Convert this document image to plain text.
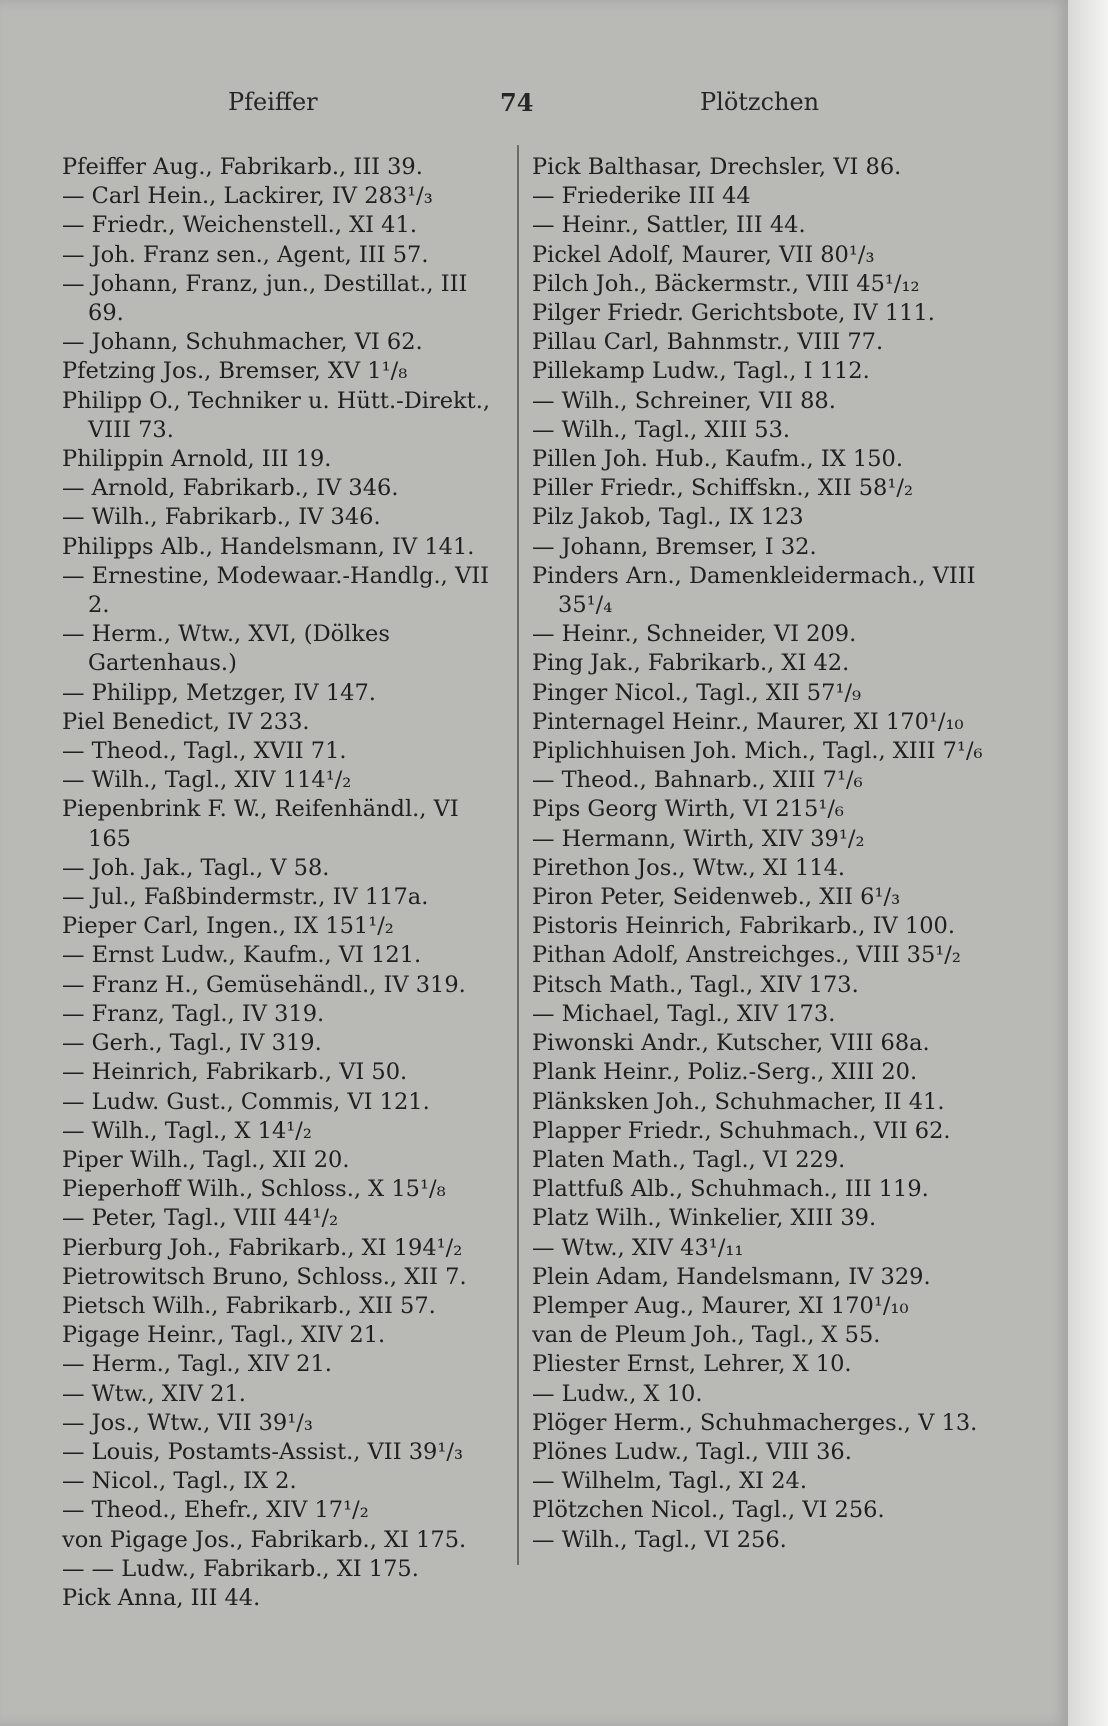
Pfeiffer	74	Plötzchen
Pfeiffer Aug., Fabrikarb., III 39.
— Carl Hein., Lackirer, IV 283¹/₃
— Friedr., Weichenstell., XI 41.
— Joh. Franz sen., Agent, III 57.
— Johann, Franz, jun., Destillat., III 69.
— Johann, Schuhmacher, VI 62.
Pfetzing Jos., Bremser, XV 1¹/₈
Philipp O., Techniker u. Hütt.-Direkt., VIII 73.
Philippin Arnold, III 19.
— Arnold, Fabrikarb., IV 346.
— Wilh., Fabrikarb., IV 346.
Philipps Alb., Handelsmann, IV 141.
— Ernestine, Modewaar.-Handlg., VII 2.
— Herm., Wtw., XVI, (Dölkes Gartenhaus.)
— Philipp, Metzger, IV 147.
Piel Benedict, IV 233.
— Theod., Tagl., XVII 71.
— Wilh., Tagl., XIV 114¹/₂
Piepenbrink F. W., Reifenhändl., VI 165
— Joh. Jak., Tagl., V 58.
— Jul., Faßbindermstr., IV 117a.
Pieper Carl, Ingen., IX 151¹/₂
— Ernst Ludw., Kaufm., VI 121.
— Franz H., Gemüsehändl., IV 319.
— Franz, Tagl., IV 319.
— Gerh., Tagl., IV 319.
— Heinrich, Fabrikarb., VI 50.
— Ludw. Gust., Commis, VI 121.
— Wilh., Tagl., X 14¹/₂
Piper Wilh., Tagl., XII 20.
Pieperhoff Wilh., Schloss., X 15¹/₈
— Peter, Tagl., VIII 44¹/₂
Pierburg Joh., Fabrikarb., XI 194¹/₂
Pietrowitsch Bruno, Schloss., XII 7.
Pietsch Wilh., Fabrikarb., XII 57.
Pigage Heinr., Tagl., XIV 21.
— Herm., Tagl., XIV 21.
— Wtw., XIV 21.
— Jos., Wtw., VII 39¹/₃
— Louis, Postamts-Assist., VII 39¹/₃
— Nicol., Tagl., IX 2.
— Theod., Ehefr., XIV 17¹/₂
von Pigage Jos., Fabrikarb., XI 175.
— — Ludw., Fabrikarb., XI 175.
Pick Anna, III 44.
Pick Balthasar, Drechsler, VI 86.
— Friederike III 44
— Heinr., Sattler, III 44.
Pickel Adolf, Maurer, VII 80¹/₃
Pilch Joh., Bäckermstr., VIII 45¹/₁₂
Pilger Friedr. Gerichtsbote, IV 111.
Pillau Carl, Bahnmstr., VIII 77.
Pillekamp Ludw., Tagl., I 112.
— Wilh., Schreiner, VII 88.
— Wilh., Tagl., XIII 53.
Pillen Joh. Hub., Kaufm., IX 150.
Piller Friedr., Schiffskn., XII 58¹/₂
Pilz Jakob, Tagl., IX 123
— Johann, Bremser, I 32.
Pinders Arn., Damenkleidermach., VIII 35¹/₄
— Heinr., Schneider, VI 209.
Ping Jak., Fabrikarb., XI 42.
Pinger Nicol., Tagl., XII 57¹/₉
Pinternagel Heinr., Maurer, XI 170¹/₁₀
Piplichhuisen Joh. Mich., Tagl., XIII 7¹/₆
— Theod., Bahnarb., XIII 7¹/₆
Pips Georg Wirth, VI 215¹/₆
— Hermann, Wirth, XIV 39¹/₂
Pirethon Jos., Wtw., XI 114.
Piron Peter, Seidenweb., XII 6¹/₃
Pistoris Heinrich, Fabrikarb., IV 100.
Pithan Adolf, Anstreichges., VIII 35¹/₂
Pitsch Math., Tagl., XIV 173.
— Michael, Tagl., XIV 173.
Piwonski Andr., Kutscher, VIII 68a.
Plank Heinr., Poliz.-Serg., XIII 20.
Plänksken Joh., Schuhmacher, II 41.
Plapper Friedr., Schuhmach., VII 62.
Platen Math., Tagl., VI 229.
Plattfuß Alb., Schuhmach., III 119.
Platz Wilh., Winkelier, XIII 39.
— Wtw., XIV 43¹/₁₁
Plein Adam, Handelsmann, IV 329.
Plemper Aug., Maurer, XI 170¹/₁₀
van de Pleum Joh., Tagl., X 55.
Pliester Ernst, Lehrer, X 10.
— Ludw., X 10.
Plöger Herm., Schuhmacherges., V 13.
Plönes Ludw., Tagl., VIII 36.
— Wilhelm, Tagl., XI 24.
Plötzchen Nicol., Tagl., VI 256.
— Wilh., Tagl., VI 256.
